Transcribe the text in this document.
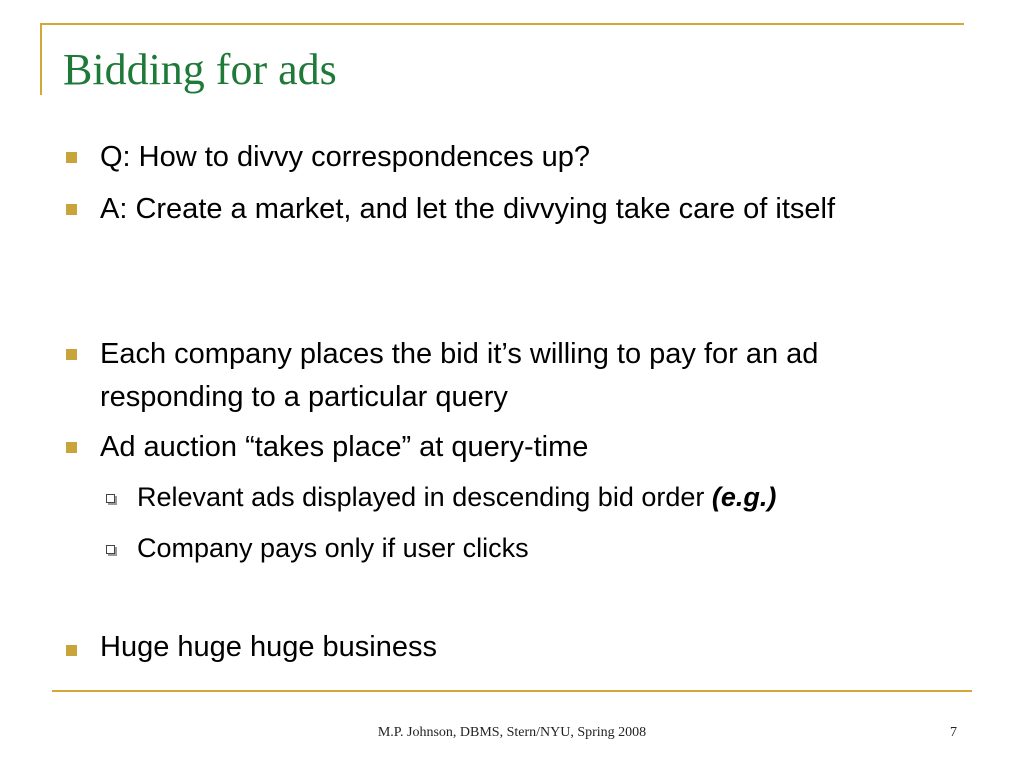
Bidding for ads
Q: How to divvy correspondences up?
A: Create a market, and let the divvying take care of itself
Each company places the bid it’s willing to pay for an ad responding to a particular query
Ad auction “takes place” at query-time
Relevant ads displayed in descending bid order (e.g.)
Company pays only if user clicks
Huge huge huge business
M.P. Johnson, DBMS, Stern/NYU, Spring 2008	7
